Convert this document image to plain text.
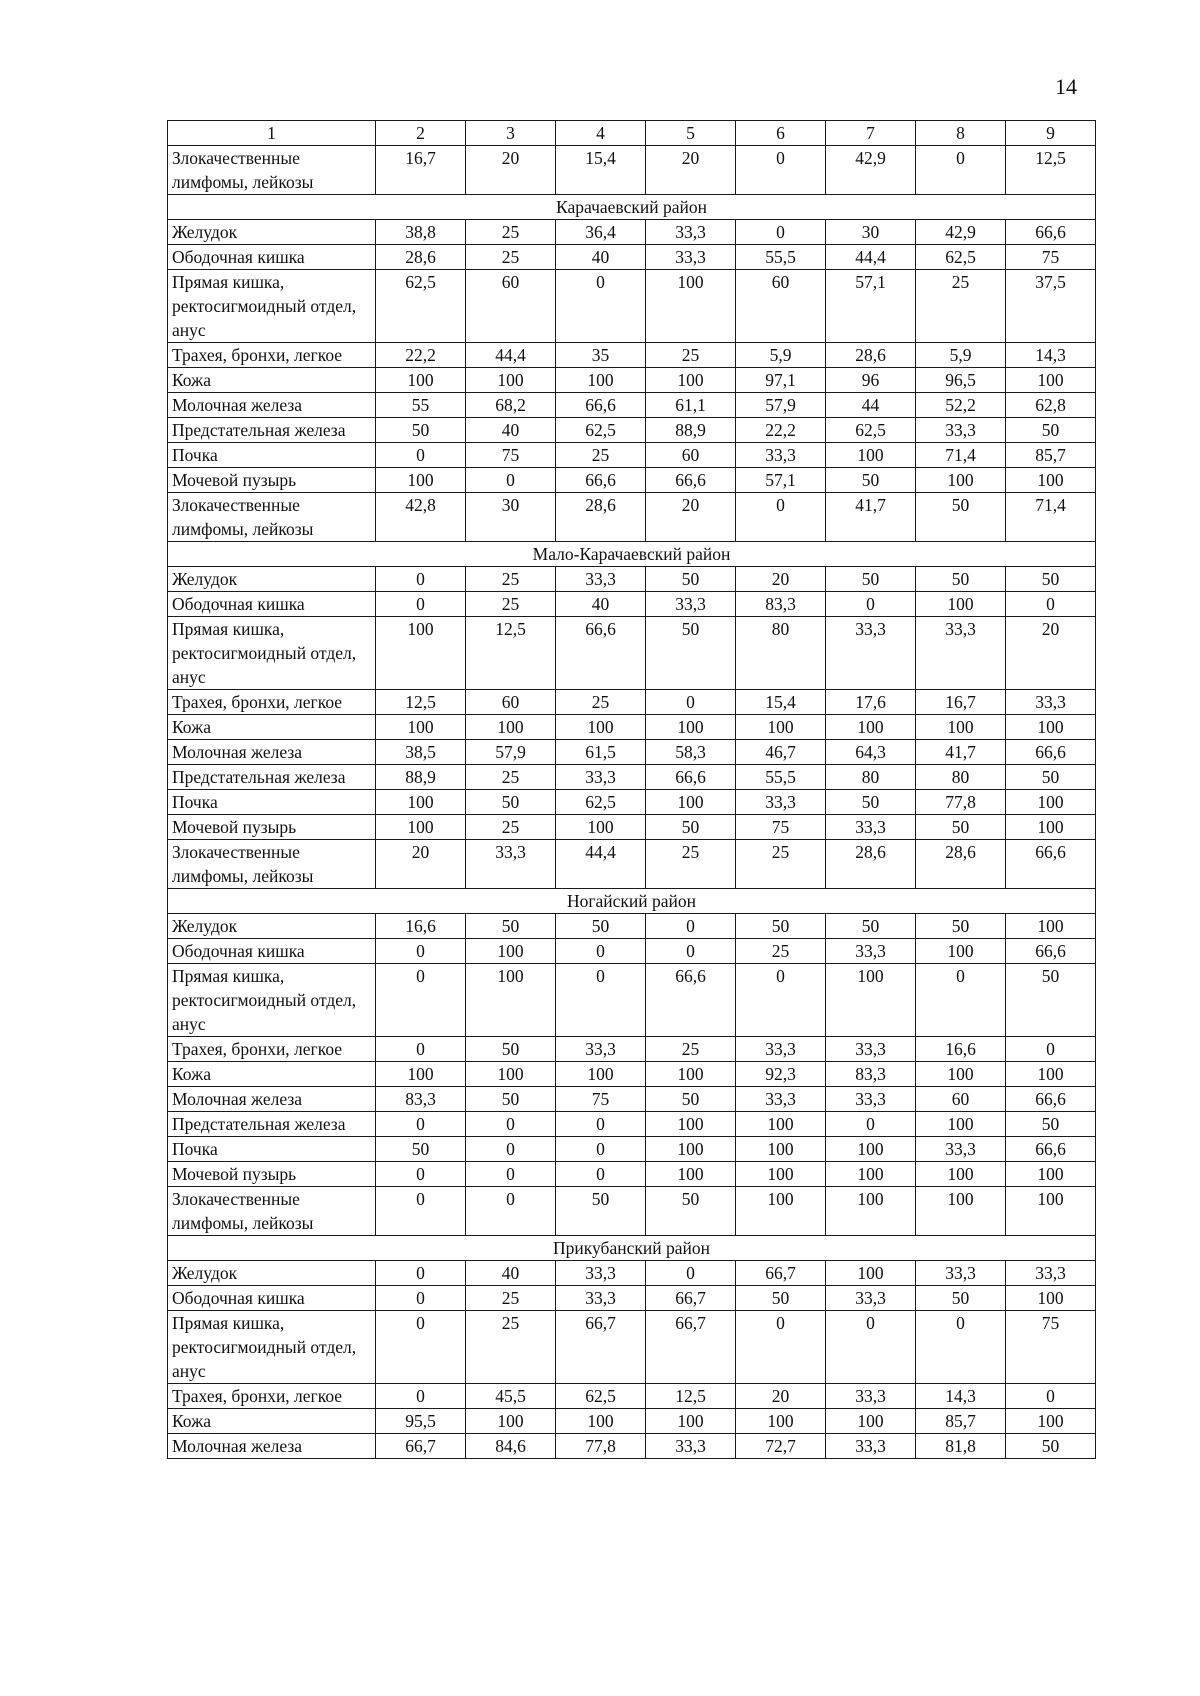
14
1	2	3	4	5	6	7	8	9
Злокачественные лимфомы, лейкозы	16,7	20	15,4	20	0	42,9	0	12,5
Карачаевский район								
Желудок	38,8	25	36,4	33,3	0	30	42,9	66,6
Ободочная кишка	28,6	25	40	33,3	55,5	44,4	62,5	75
Прямая кишка, ректосигмоидный отдел, анус	62,5	60	0	100	60	57,1	25	37,5
Трахея, бронхи, легкое	22,2	44,4	35	25	5,9	28,6	5,9	14,3
Кожа	100	100	100	100	97,1	96	96,5	100
Молочная железа	55	68,2	66,6	61,1	57,9	44	52,2	62,8
Предстательная железа	50	40	62,5	88,9	22,2	62,5	33,3	50
Почка	0	75	25	60	33,3	100	71,4	85,7
Мочевой пузырь	100	0	66,6	66,6	57,1	50	100	100
Злокачественные лимфомы, лейкозы	42,8	30	28,6	20	0	41,7	50	71,4
Мало-Карачаевский район								
Желудок	0	25	33,3	50	20	50	50	50
Ободочная кишка	0	25	40	33,3	83,3	0	100	0
Прямая кишка, ректосигмоидный отдел, анус	100	12,5	66,6	50	80	33,3	33,3	20
Трахея, бронхи, легкое	12,5	60	25	0	15,4	17,6	16,7	33,3
Кожа	100	100	100	100	100	100	100	100
Молочная железа	38,5	57,9	61,5	58,3	46,7	64,3	41,7	66,6
Предстательная железа	88,9	25	33,3	66,6	55,5	80	80	50
Почка	100	50	62,5	100	33,3	50	77,8	100
Мочевой пузырь	100	25	100	50	75	33,3	50	100
Злокачественные лимфомы, лейкозы	20	33,3	44,4	25	25	28,6	28,6	66,6
Ногайский район								
Желудок	16,6	50	50	0	50	50	50	100
Ободочная кишка	0	100	0	0	25	33,3	100	66,6
Прямая кишка, ректосигмоидный отдел, анус	0	100	0	66,6	0	100	0	50
Трахея, бронхи, легкое	0	50	33,3	25	33,3	33,3	16,6	0
Кожа	100	100	100	100	92,3	83,3	100	100
Молочная железа	83,3	50	75	50	33,3	33,3	60	66,6
Предстательная железа	0	0	0	100	100	0	100	50
Почка	50	0	0	100	100	100	33,3	66,6
Мочевой пузырь	0	0	0	100	100	100	100	100
Злокачественные лимфомы, лейкозы	0	0	50	50	100	100	100	100
Прикубанский район								
Желудок	0	40	33,3	0	66,7	100	33,3	33,3
Ободочная кишка	0	25	33,3	66,7	50	33,3	50	100
Прямая кишка, ректосигмоидный отдел, анус	0	25	66,7	66,7	0	0	0	75
Трахея, бронхи, легкое	0	45,5	62,5	12,5	20	33,3	14,3	0
Кожа	95,5	100	100	100	100	100	85,7	100
Молочная железа	66,7	84,6	77,8	33,3	72,7	33,3	81,8	50
